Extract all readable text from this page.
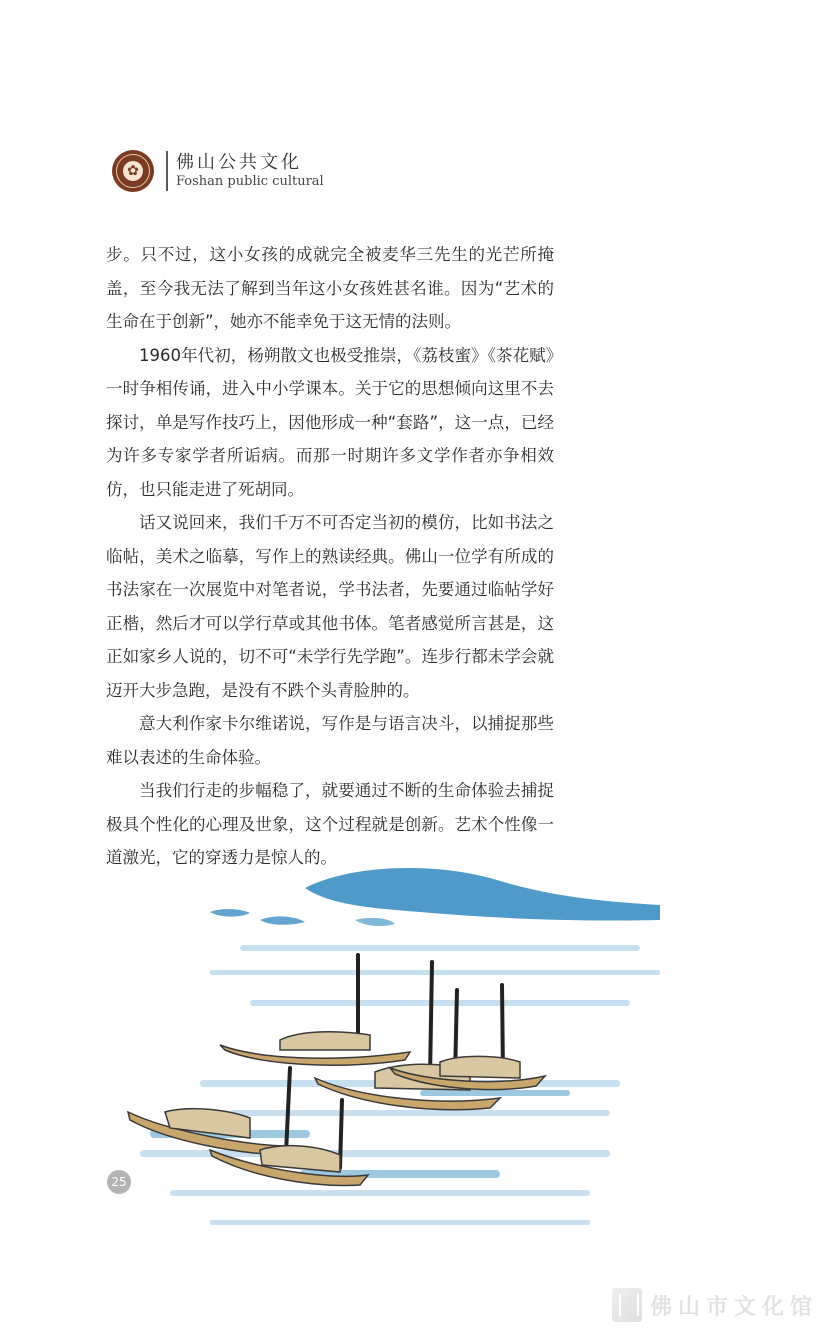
✿	佛山公共文化
Foshan public cultural

步。只不过，这小女孩的成就完全被麦华三先生的光芒所掩盖，至今我无法了解到当年这小女孩姓甚名谁。因为“艺术的生命在于创新”，她亦不能幸免于这无情的法则。

1960年代初，杨朔散文也极受推崇，《荔枝蜜》《茶花赋》一时争相传诵，进入中小学课本。关于它的思想倾向这里不去探讨，单是写作技巧上，因他形成一种“套路”，这一点，已经为许多专家学者所诟病。而那一时期许多文学作者亦争相效仿，也只能走进了死胡同。

话又说回来，我们千万不可否定当初的模仿，比如书法之临帖，美术之临摹，写作上的熟读经典。佛山一位学有所成的书法家在一次展览中对笔者说，学书法者，先要通过临帖学好正楷，然后才可以学行草或其他书体。笔者感觉所言甚是，这正如家乡人说的，切不可“未学行先学跑”。连步行都未学会就迈开大步急跑，是没有不跌个头青脸肿的。

意大利作家卡尔维诺说，写作是与语言决斗，以捕捉那些难以表述的生命体验。

当我们行走的步幅稳了，就要通过不断的生命体验去捕捉极具个性化的心理及世象，这个过程就是创新。艺术个性像一道激光，它的穿透力是惊人的。

25
佛山市文化馆
